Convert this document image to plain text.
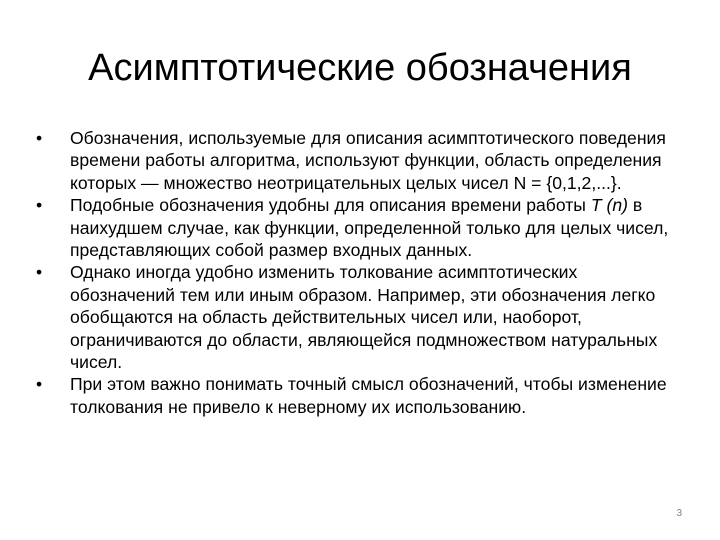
Асимптотические обозначения
•	Обозначения, используемые для описания асимптотического поведения времени работы алгоритма, используют функции, область определения которых — множество неотрицательных целых чисел N = {0,1,2,...}.
•	Подобные обозначения удобны для описания времени работы T (n) в наихудшем случае, как функции, определенной только для целых чисел, представляющих собой размер входных данных.
•	Однако иногда удобно изменить толкование асимптотических обозначений тем или иным образом. Например, эти обозначения легко обобщаются на область действительных чисел или, наоборот, ограничиваются до области, являющейся подмножеством натуральных чисел.
•	При этом важно понимать точный смысл обозначений, чтобы изменение толкования не привело к неверному их использованию.
3
